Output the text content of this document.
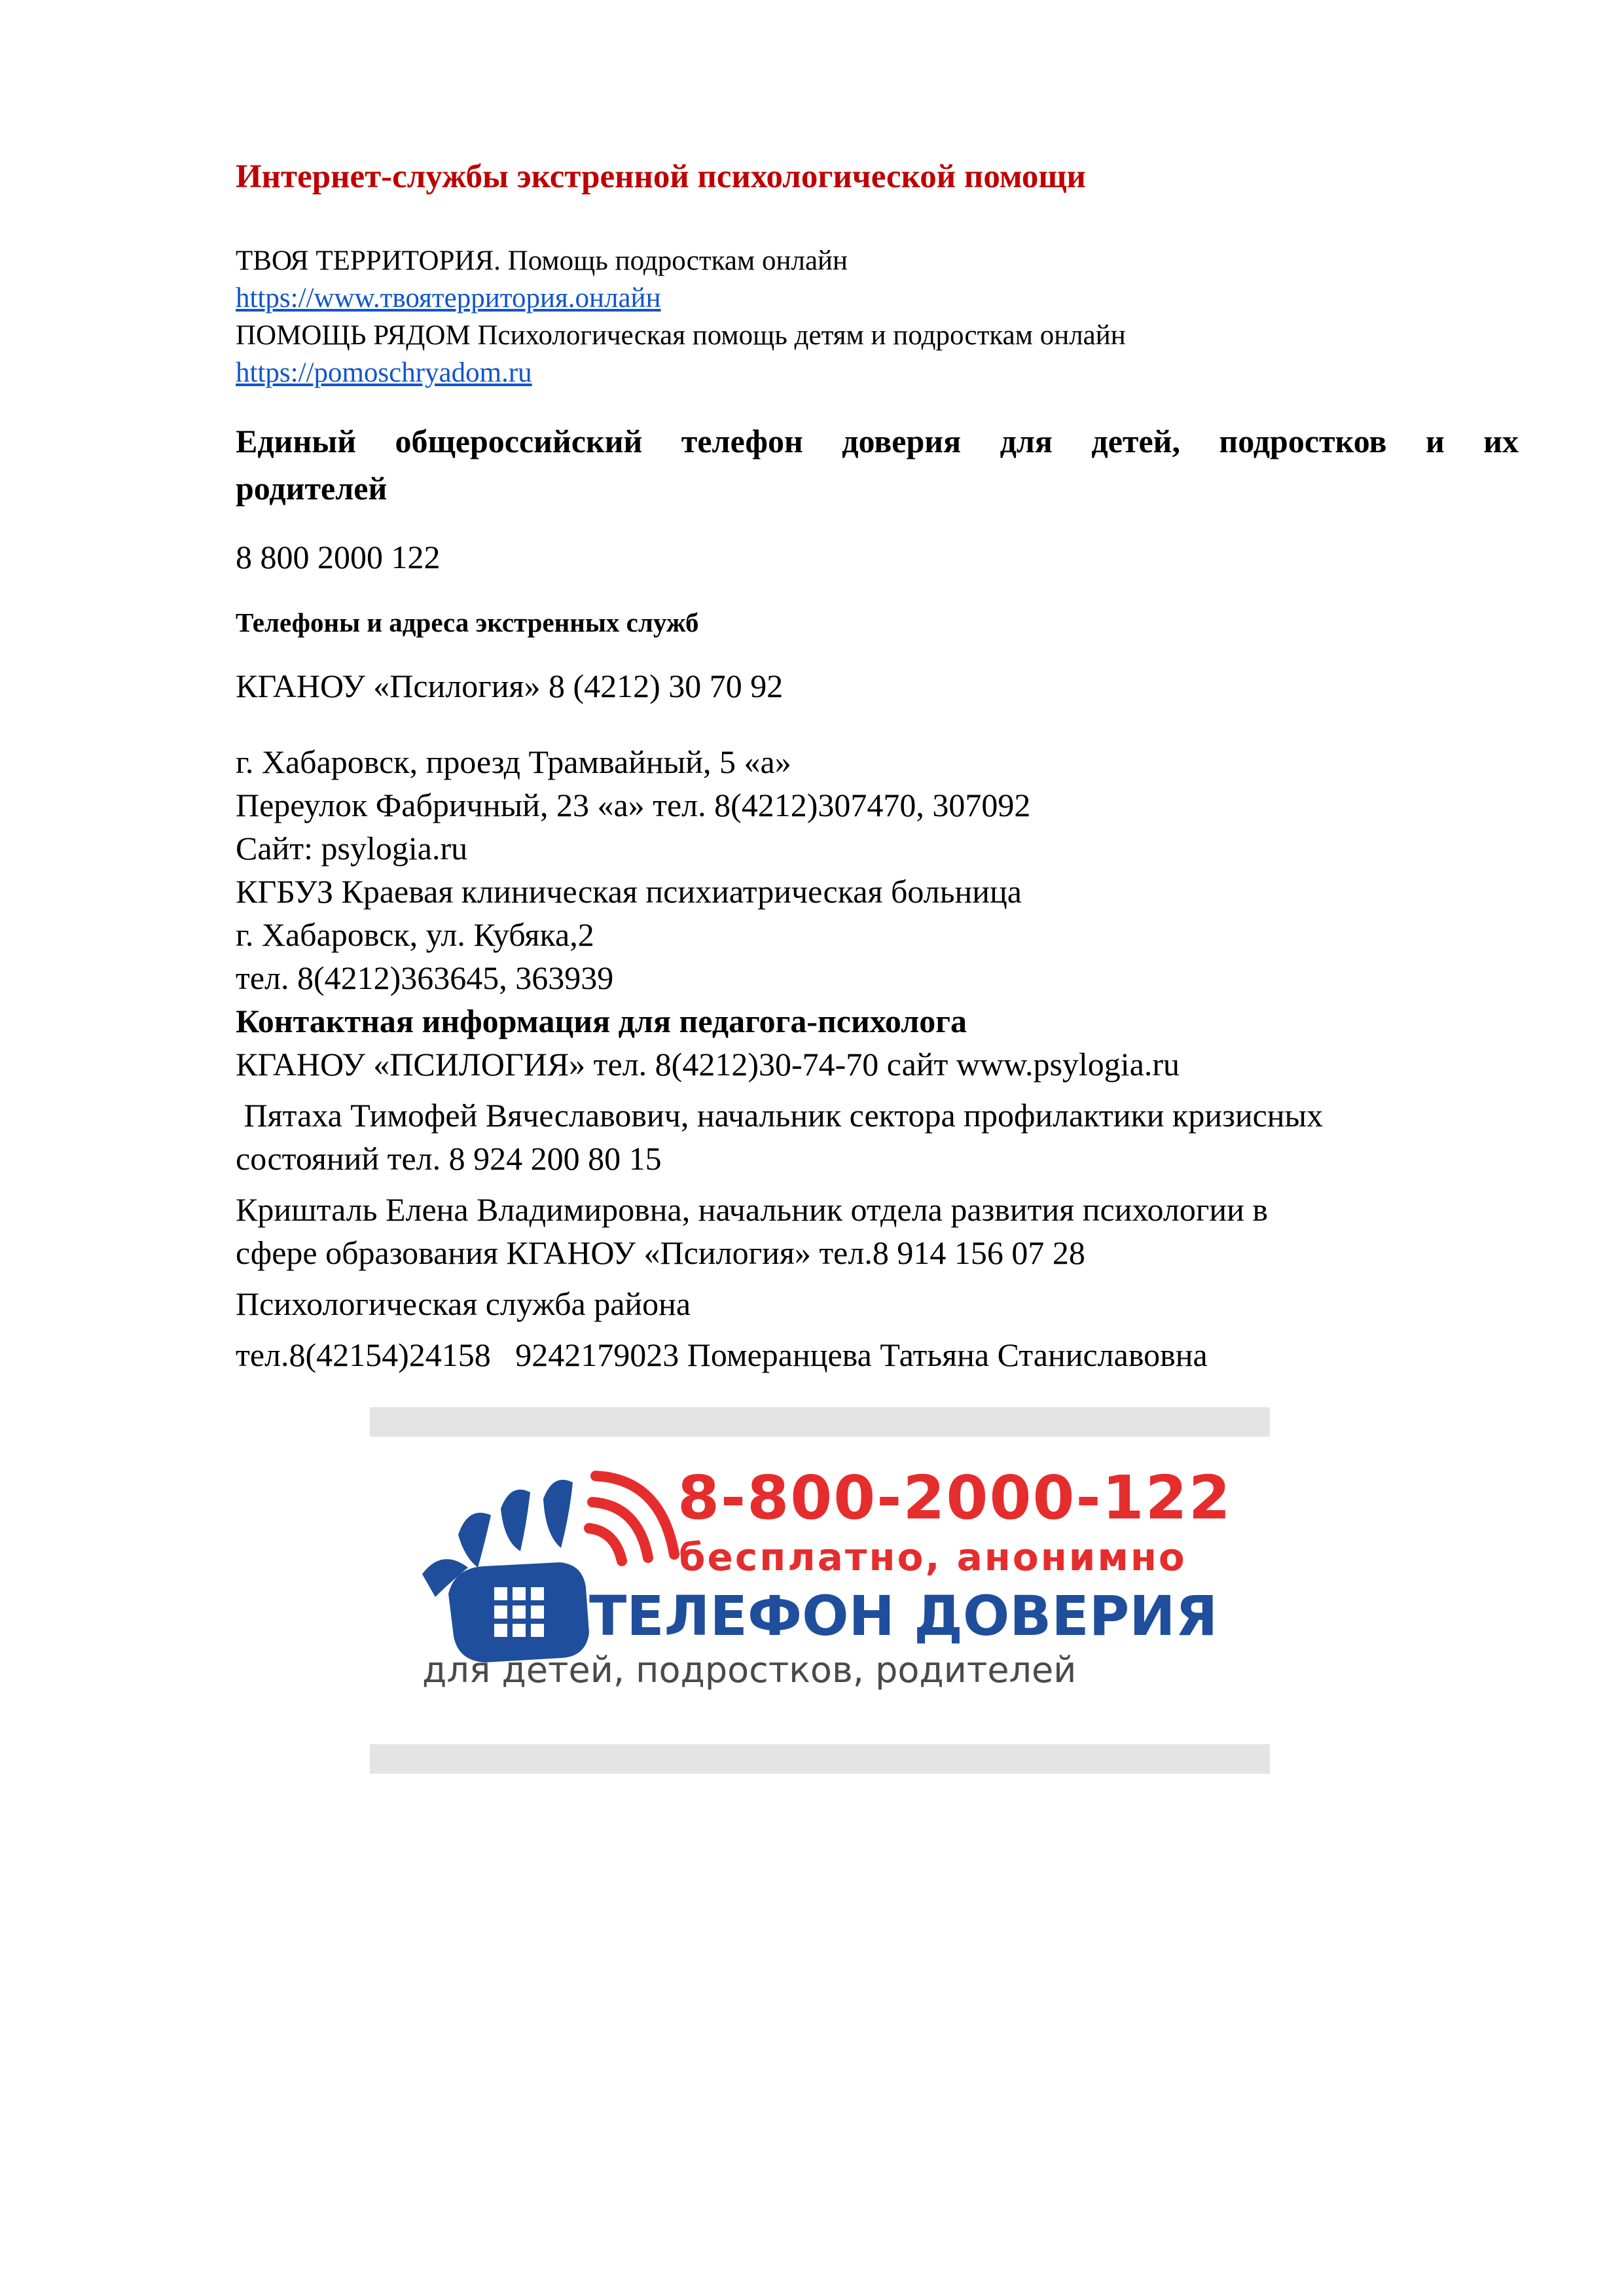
Интернет-службы экстренной психологической помощи
ТВОЯ ТЕРРИТОРИЯ. Помощь подросткам онлайн
https://www.твоятерритория.онлайн
ПОМОЩЬ РЯДОМ Психологическая помощь детям и подросткам онлайн
https://pomoschryadom.ru
Единый общероссийский телефон доверия для детей, подростков и их
родителей
8 800 2000 122
Телефоны и адреса экстренных служб
КГАНОУ «Псилогия» 8 (4212) 30 70 92
г. Хабаровск, проезд Трамвайный, 5 «а»
Переулок Фабричный, 23 «а» тел. 8(4212)307470, 307092
Сайт: psylogia.ru
КГБУЗ Краевая клиническая психиатрическая больница
г. Хабаровск, ул. Кубяка,2
тел. 8(4212)363645, 363939
Контактная информация для педагога-психолога
КГАНОУ «ПСИЛОГИЯ» тел. 8(4212)30-74-70 сайт www.psylogia.ru
Пятаха Тимофей Вячеславович, начальник сектора профилактики кризисных
состояний тел. 8 924 200 80 15
Кришталь Елена Владимировна, начальник отдела развития психологии в
сфере образования КГАНОУ «Псилогия» тел.8 914 156 07 28
Психологическая служба района
тел.8(42154)24158   9242179023 Померанцева Татьяна Станиславовна
8-800-2000-122
бесплатно, анонимно
ТЕЛЕФОН ДОВЕРИЯ
для детей, подростков, родителей
